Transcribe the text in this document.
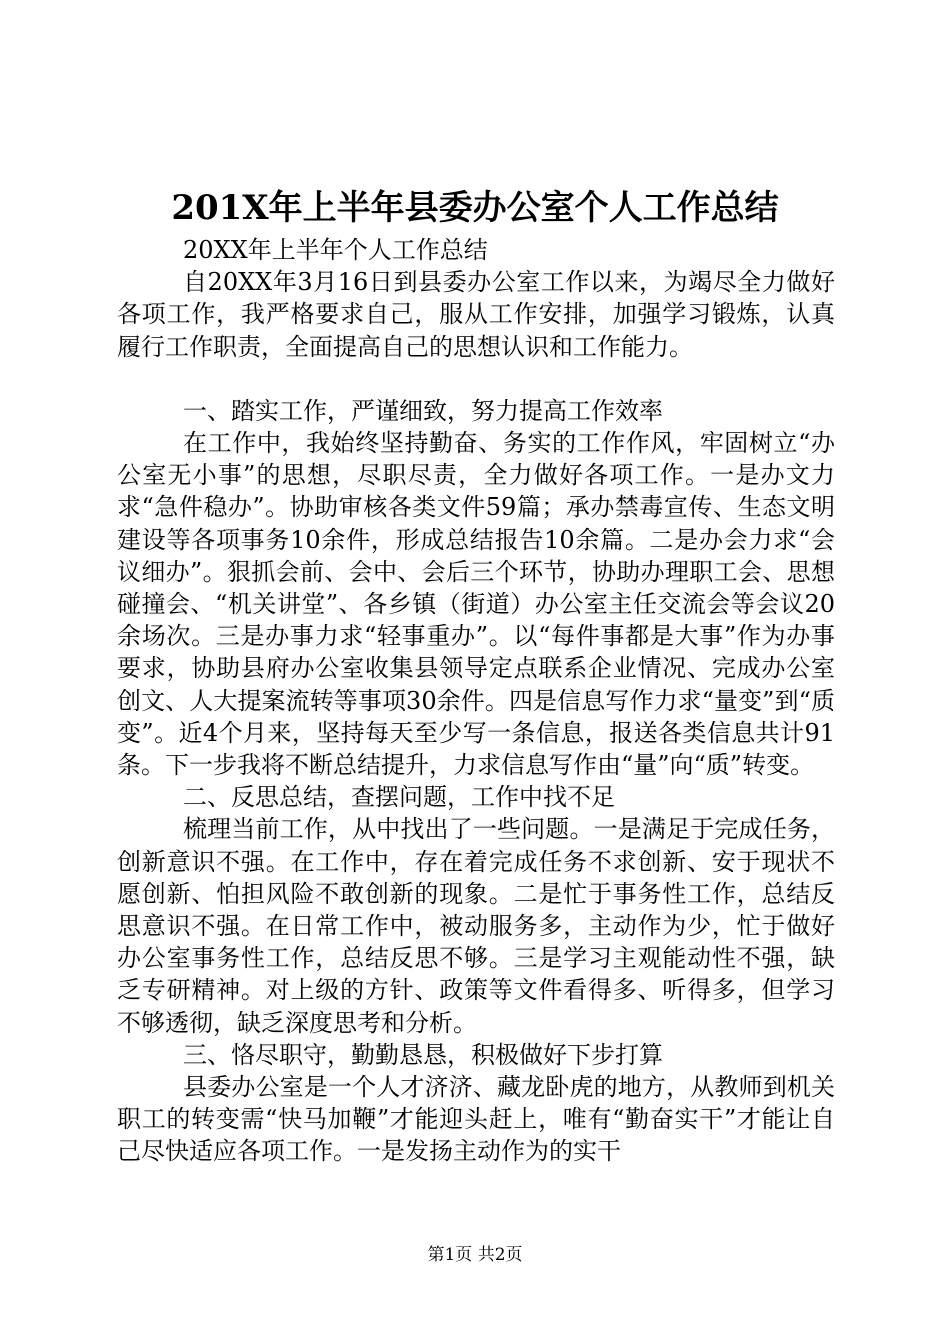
201X年上半年县委办公室个人工作总结

20XX年上半年个人工作总结

自20XX年3月16日到县委办公室工作以来，为竭尽全力做好各项工作，我严格要求自己，服从工作安排，加强学习锻炼，认真履行工作职责，全面提高自己的思想认识和工作能力。

一、踏实工作，严谨细致，努力提高工作效率

在工作中，我始终坚持勤奋、务实的工作作风，牢固树立“办公室无小事”的思想，尽职尽责，全力做好各项工作。一是办文力求“急件稳办”。协助审核各类文件59篇；承办禁毒宣传、生态文明建设等各项事务10余件，形成总结报告10余篇。二是办会力求“会议细办”。狠抓会前、会中、会后三个环节，协助办理职工会、思想碰撞会、“机关讲堂”、各乡镇（街道）办公室主任交流会等会议20余场次。三是办事力求“轻事重办”。以“每件事都是大事”作为办事要求，协助县府办公室收集县领导定点联系企业情况、完成办公室创文、人大提案流转等事项30余件。四是信息写作力求“量变”到“质变”。近4个月来，坚持每天至少写一条信息，报送各类信息共计91条。下一步我将不断总结提升，力求信息写作由“量”向“质”转变。

二、反思总结，查摆问题，工作中找不足

梳理当前工作，从中找出了一些问题。一是满足于完成任务，创新意识不强。在工作中，存在着完成任务不求创新、安于现状不愿创新、怕担风险不敢创新的现象。二是忙于事务性工作，总结反思意识不强。在日常工作中，被动服务多，主动作为少，忙于做好办公室事务性工作，总结反思不够。三是学习主观能动性不强，缺乏专研精神。对上级的方针、政策等文件看得多、听得多，但学习不够透彻，缺乏深度思考和分析。

三、恪尽职守，勤勤恳恳，积极做好下步打算

县委办公室是一个人才济济、藏龙卧虎的地方，从教师到机关职工的转变需“快马加鞭”才能迎头赶上，唯有“勤奋实干”才能让自己尽快适应各项工作。一是发扬主动作为的实干

第1页 共2页
